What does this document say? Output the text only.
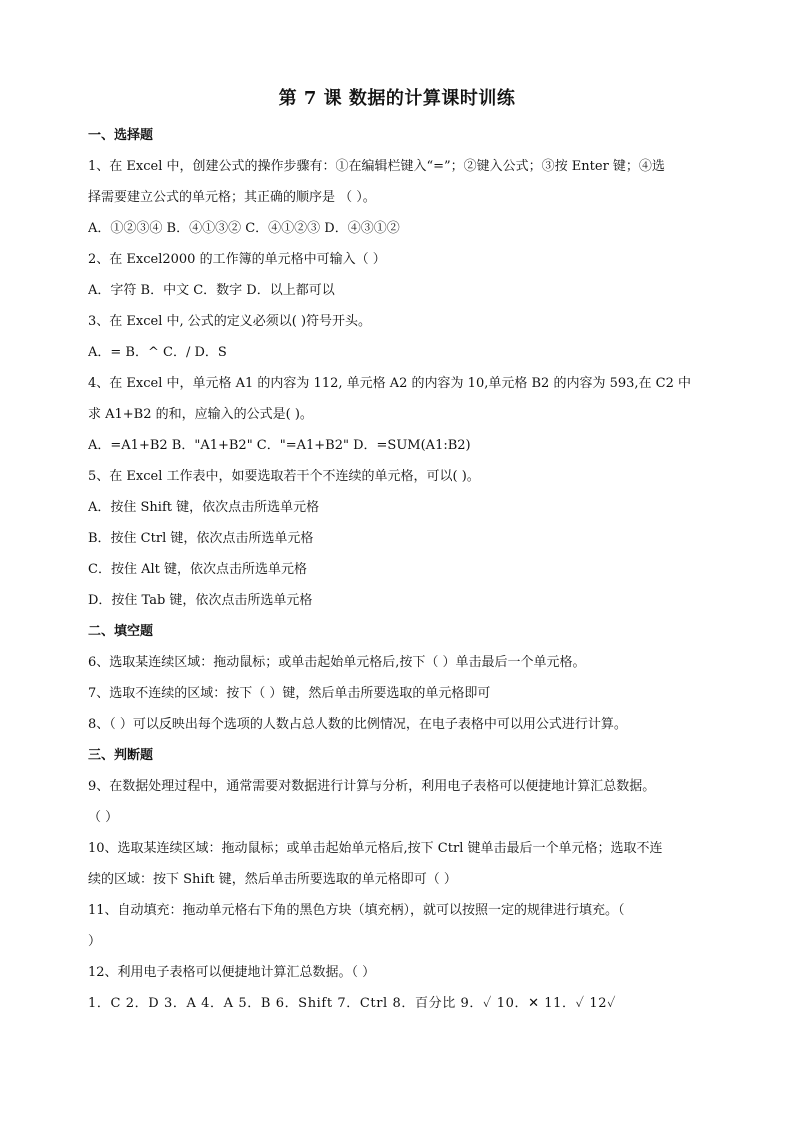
第 7 课 数据的计算课时训练
一、选择题
1、在 Excel 中，创建公式的操作步骤有：①在编辑栏键入“=”；②键入公式；③按 Enter 键；④选
择需要建立公式的单元格；其正确的顺序是 （ ）。
A．①②③④ B．④①③② C．④①②③ D．④③①②
2、在 Excel2000 的工作簿的单元格中可输入（ ）
A．字符 B．中文 C．数字 D．以上都可以
3、在 Excel 中, 公式的定义必须以( )符号开头。
A．= B．^ C．/ D．S
4、在 Excel 中，单元格 A1 的内容为 112, 单元格 A2 的内容为 10,单元格 B2 的内容为 593,在 C2 中
求 A1+B2 的和，应输入的公式是( )。
A．=A1+B2 B．"A1+B2" C．"=A1+B2" D．=SUM(A1:B2)
5、在 Excel 工作表中，如要选取若干个不连续的单元格，可以( )。
A．按住 Shift 键，依次点击所选单元格
B．按住 Ctrl 键，依次点击所选单元格
C．按住 Alt 键，依次点击所选单元格
D．按住 Tab 键，依次点击所选单元格
二、填空题
6、选取某连续区域：拖动鼠标；或单击起始单元格后,按下（ ）单击最后一个单元格。
7、选取不连续的区域：按下（ ）键，然后单击所要选取的单元格即可
8、（ ）可以反映出每个选项的人数占总人数的比例情况，在电子表格中可以用公式进行计算。
三、判断题
9、在数据处理过程中，通常需要对数据进行计算与分析，利用电子表格可以便捷地计算汇总数据。
（ ）
10、选取某连续区域：拖动鼠标；或单击起始单元格后,按下 Ctrl 键单击最后一个单元格；选取不连
续的区域：按下 Shift 键，然后单击所要选取的单元格即可（ ）
11、自动填充：拖动单元格右下角的黑色方块（填充柄），就可以按照一定的规律进行填充。（
）
12、利用电子表格可以便捷地计算汇总数据。（ ）
1．C 2．D 3．A 4．A 5．B 6．Shift 7．Ctrl 8．百分比 9．✓ 10．✕ 11．✓ 12✓
